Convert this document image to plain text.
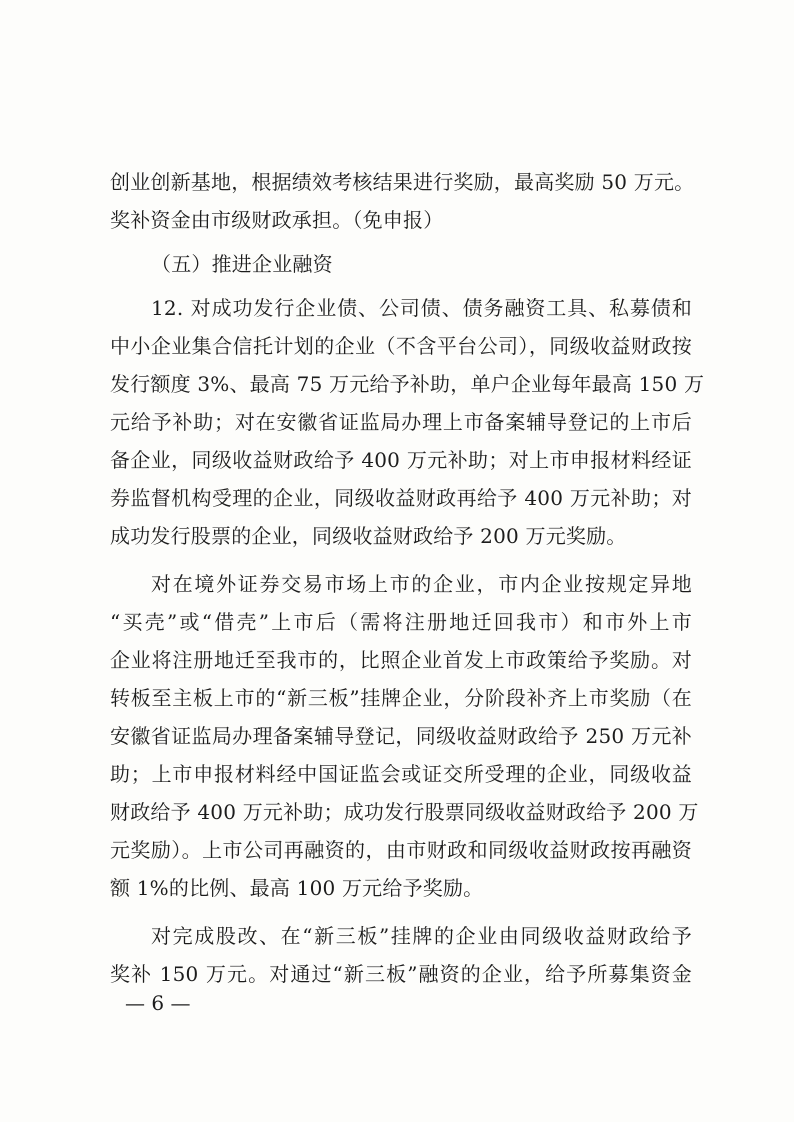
创业创新基地，根据绩效考核结果进行奖励，最高奖励 50 万元。
奖补资金由市级财政承担。（免申报）
（五）推进企业融资
12. 对成功发行企业债、公司债、债务融资工具、私募债和
中小企业集合信托计划的企业（不含平台公司），同级收益财政按
发行额度 3%、最高 75 万元给予补助，单户企业每年最高 150 万
元给予补助；对在安徽省证监局办理上市备案辅导登记的上市后
备企业，同级收益财政给予 400 万元补助；对上市申报材料经证
券监督机构受理的企业，同级收益财政再给予 400 万元补助；对
成功发行股票的企业，同级收益财政给予 200 万元奖励。
对在境外证券交易市场上市的企业，市内企业按规定异地
“买壳”或“借壳”上市后（需将注册地迁回我市）和市外上市
企业将注册地迁至我市的，比照企业首发上市政策给予奖励。对
转板至主板上市的“新三板”挂牌企业，分阶段补齐上市奖励（在
安徽省证监局办理备案辅导登记，同级收益财政给予 250 万元补
助；上市申报材料经中国证监会或证交所受理的企业，同级收益
财政给予 400 万元补助；成功发行股票同级收益财政给予 200 万
元奖励）。上市公司再融资的，由市财政和同级收益财政按再融资
额 1%的比例、最高 100 万元给予奖励。
对完成股改、在“新三板”挂牌的企业由同级收益财政给予
奖补 150 万元。对通过“新三板”融资的企业，给予所募集资金
— 6 —
